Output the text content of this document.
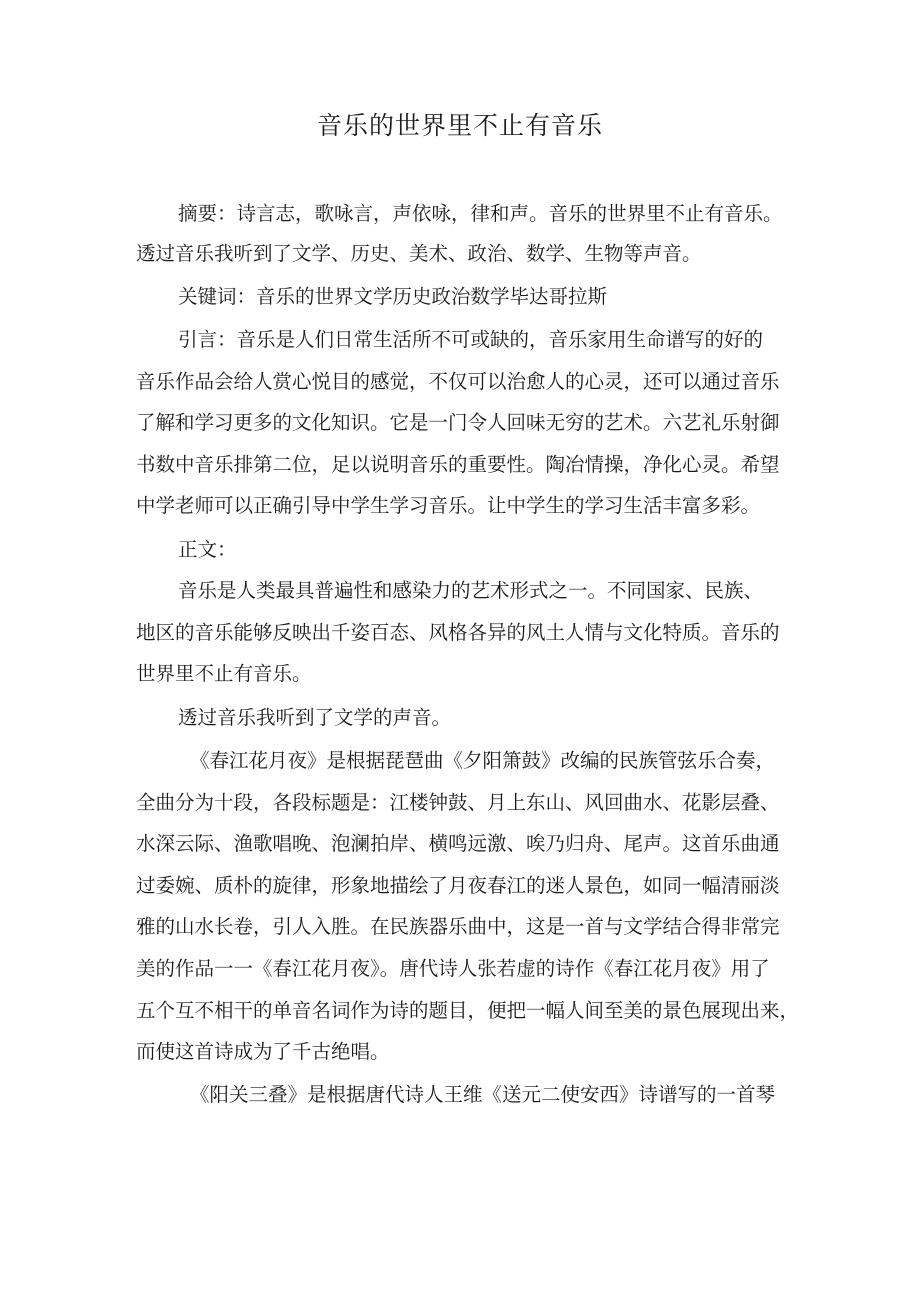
音乐的世界里不止有音乐
摘要：诗言志，歌咏言，声依咏，律和声。音乐的世界里不止有音乐。
透过音乐我听到了文学、历史、美术、政治、数学、生物等声音。
关键词：音乐的世界文学历史政治数学毕达哥拉斯
引言：音乐是人们日常生活所不可或缺的，音乐家用生命谱写的好的
音乐作品会给人赏心悦目的感觉，不仅可以治愈人的心灵，还可以通过音乐
了解和学习更多的文化知识。它是一门令人回味无穷的艺术。六艺礼乐射御
书数中音乐排第二位，足以说明音乐的重要性。陶冶情操，净化心灵。希望
中学老师可以正确引导中学生学习音乐。让中学生的学习生活丰富多彩。
正文：
音乐是人类最具普遍性和感染力的艺术形式之一。不同国家、民族、
地区的音乐能够反映出千姿百态、风格各异的风土人情与文化特质。音乐的
世界里不止有音乐。
透过音乐我听到了文学的声音。
《春江花月夜》是根据琵琶曲《夕阳箫鼓》改编的民族管弦乐合奏，
全曲分为十段，各段标题是：江楼钟鼓、月上东山、风回曲水、花影层叠、
水深云际、渔歌唱晚、泡澜拍岸、横鸣远激、唉乃归舟、尾声。这首乐曲通
过委婉、质朴的旋律，形象地描绘了月夜春江的迷人景色，如同一幅清丽淡
雅的山水长卷，引人入胜。在民族器乐曲中，这是一首与文学结合得非常完
美的作品一一《春江花月夜》。唐代诗人张若虚的诗作《春江花月夜》用了
五个互不相干的单音名词作为诗的题目，便把一幅人间至美的景色展现出来，
而使这首诗成为了千古绝唱。
《阳关三叠》是根据唐代诗人王维《送元二使安西》诗谱写的一首琴
